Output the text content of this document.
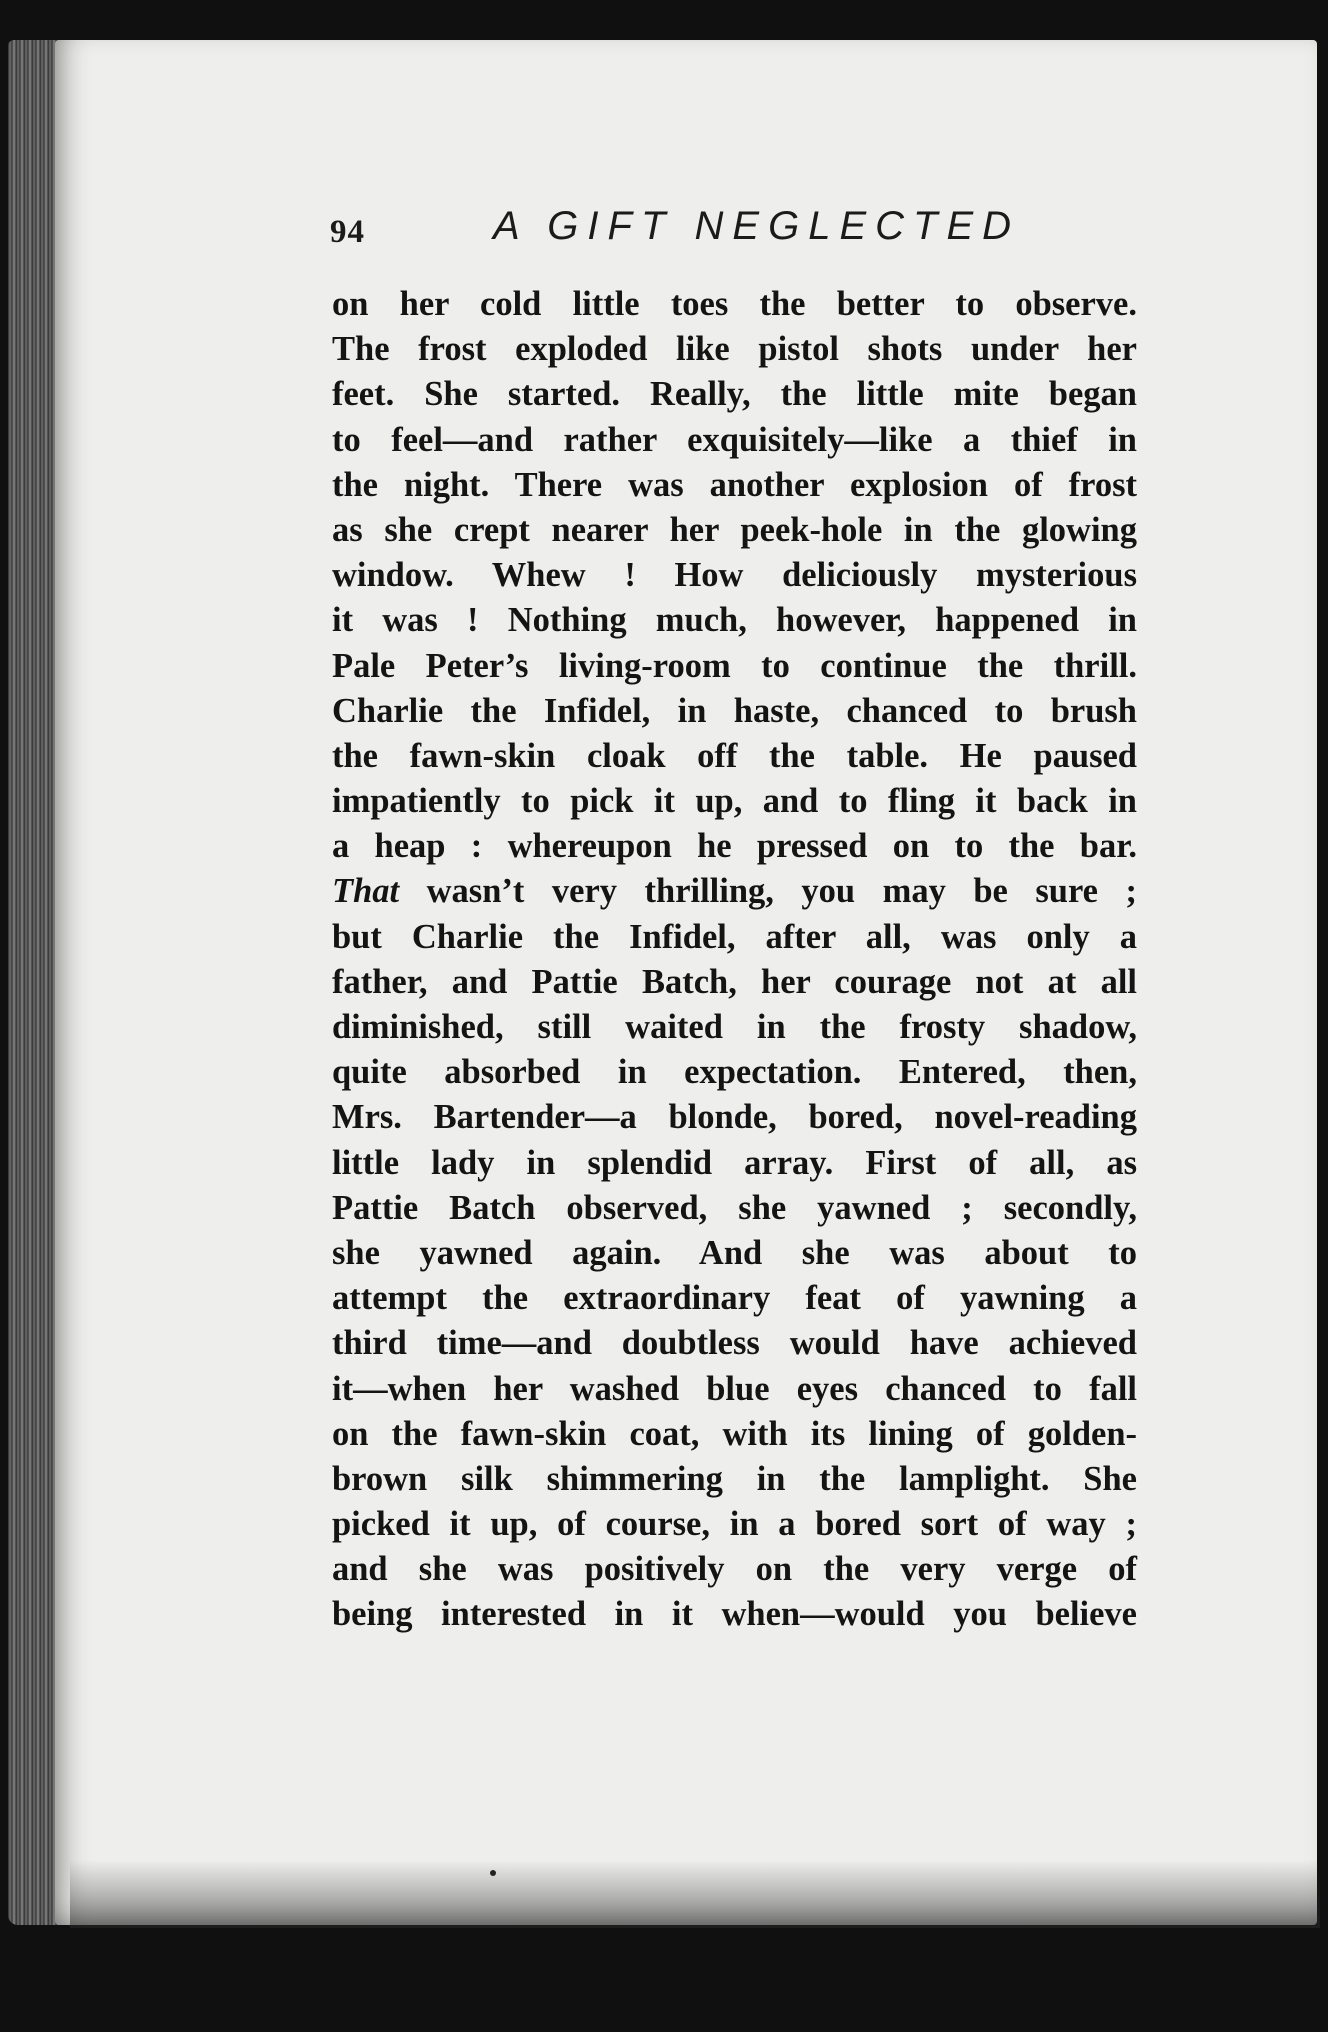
94	A GIFT NEGLECTED
on her cold little toes the better to observe.
The frost exploded like pistol shots under her
feet. She started. Really, the little mite began
to feel—and rather exquisitely—like a thief in
the night. There was another explosion of frost
as she crept nearer her peek-hole in the glowing
window. Whew ! How deliciously mysterious
it was ! Nothing much, however, happened in
Pale Peter’s living-room to continue the thrill.
Charlie the Infidel, in haste, chanced to brush
the fawn-skin cloak off the table. He paused
impatiently to pick it up, and to fling it back in
a heap : whereupon he pressed on to the bar.
That wasn’t very thrilling, you may be sure ;
but Charlie the Infidel, after all, was only a
father, and Pattie Batch, her courage not at all
diminished, still waited in the frosty shadow,
quite absorbed in expectation. Entered, then,
Mrs. Bartender—a blonde, bored, novel-reading
little lady in splendid array. First of all, as
Pattie Batch observed, she yawned ; secondly,
she yawned again. And she was about to
attempt the extraordinary feat of yawning a
third time—and doubtless would have achieved
it—when her washed blue eyes chanced to fall
on the fawn-skin coat, with its lining of golden-
brown silk shimmering in the lamplight. She
picked it up, of course, in a bored sort of way ;
and she was positively on the very verge of
being interested in it when—would you believe
